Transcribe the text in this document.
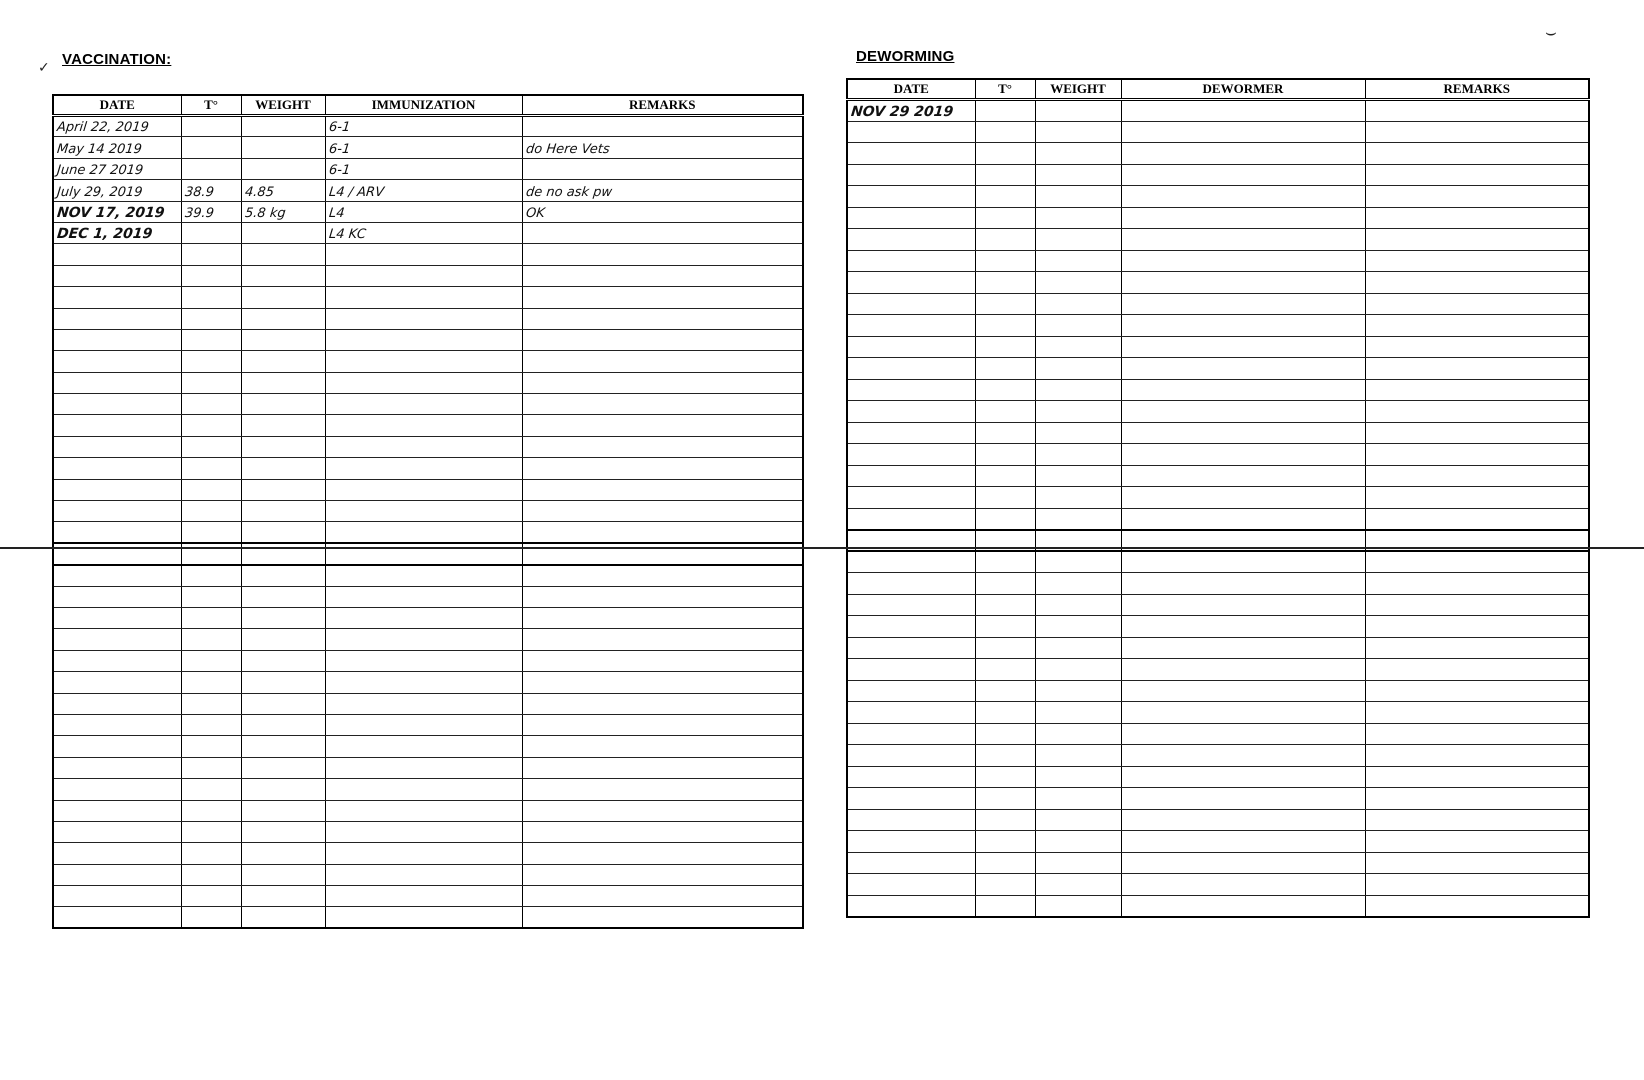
VACCINATION:
DATE	T°	WEIGHT	IMMUNIZATION	REMARKS
April 22, 2019			6-1	
May 14 2019			6-1	do Here Vets
June 27 2019			6-1	
July 29, 2019	38.9	4.85	L4 / ARV	de no ask pw
NOV 17, 2019	39.9	5.8 kg	L4	OK
DEC 1, 2019			L4 KC	

DEWORMING
DATE	T°	WEIGHT	DEWORMER	REMARKS
NOV 29 2019				

⌣
✓
